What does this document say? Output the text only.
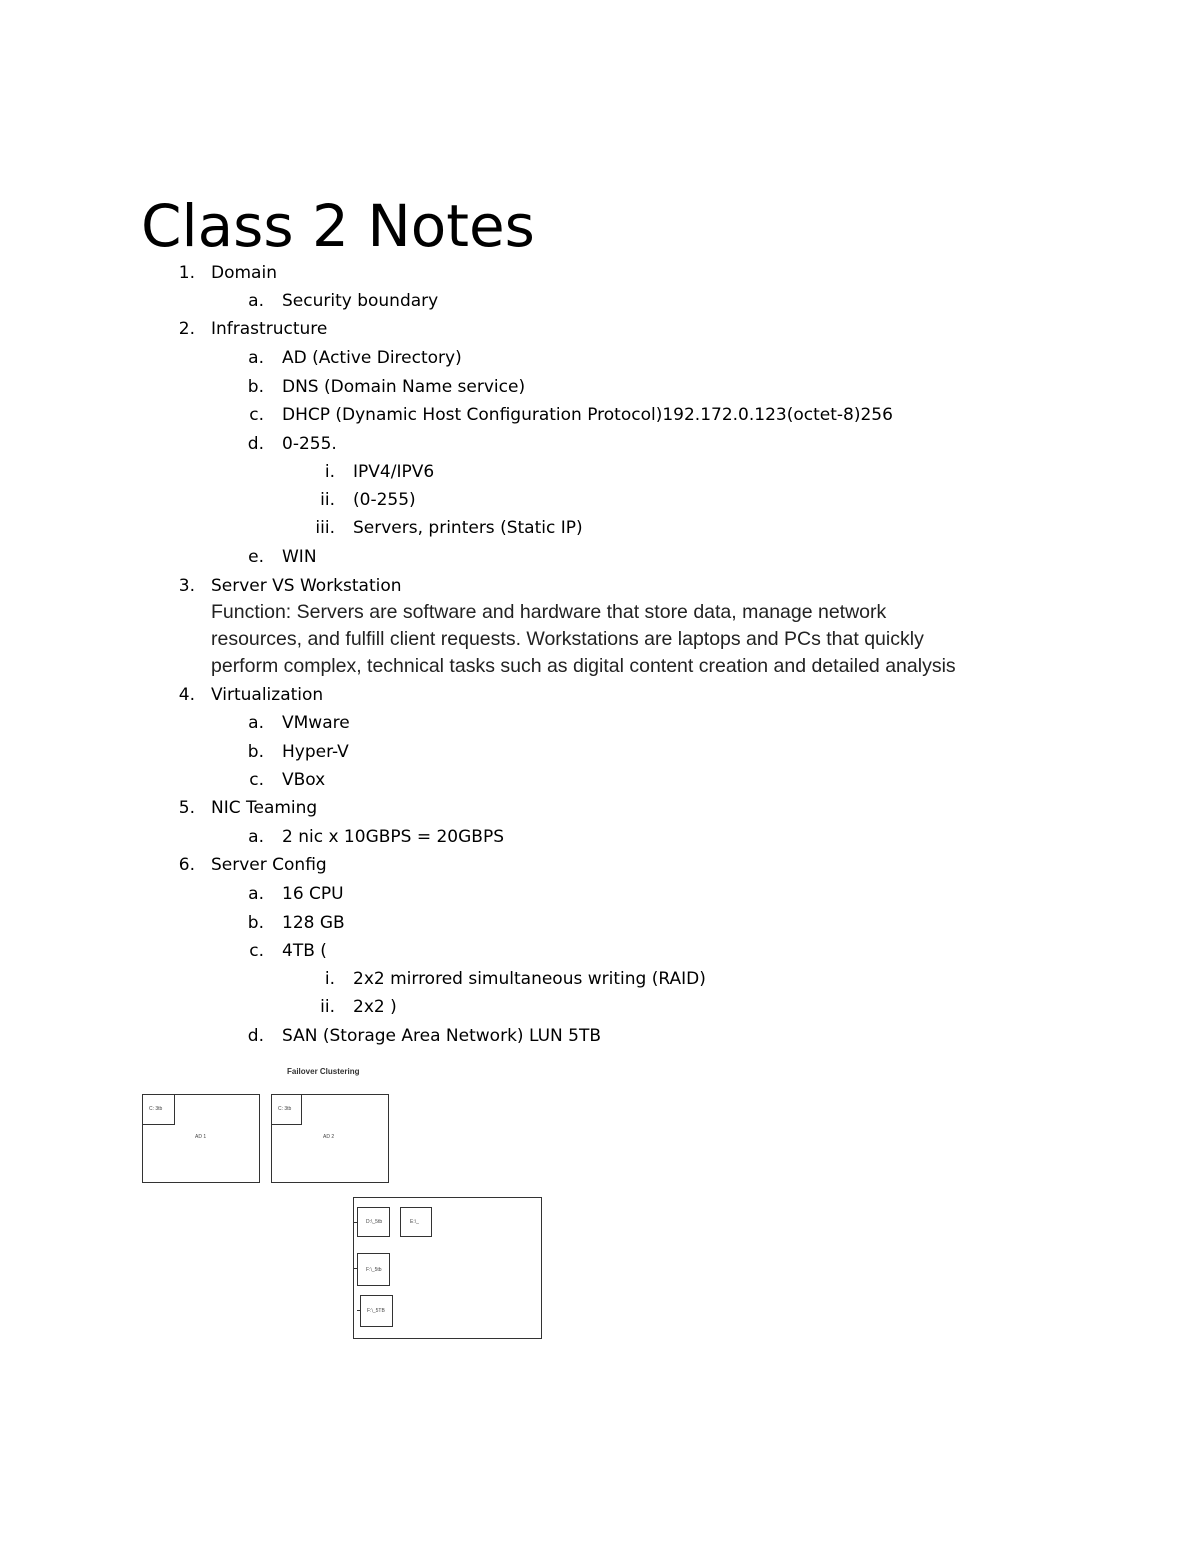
Class 2 Notes
1. Domain
a. Security boundary
2. Infrastructure
a. AD (Active Directory)
b. DNS (Domain Name service)
c. DHCP (Dynamic Host Configuration Protocol)192.172.0.123(octet-8)256
d. 0-255.
i. IPV4/IPV6
ii. (0-255)
iii. Servers, printers (Static IP)
e. WIN
3. Server VS Workstation
Function: Servers are software and hardware that store data, manage network
resources, and fulfill client requests. Workstations are laptops and PCs that quickly
perform complex, technical tasks such as digital content creation and detailed analysis
4. Virtualization
a. VMware
b. Hyper-V
c. VBox
5. NIC Teaming
a. 2 nic x 10GBPS = 20GBPS
6. Server Config
a. 16 CPU
b. 128 GB
c. 4TB (
i. 2x2 mirrored simultaneous writing (RAID)
ii. 2x2 )
d. SAN (Storage Area Network) LUN 5TB
Failover Clustering
C: 3tb
AD 1
C: 3tb
AD 2
D:\_5tb	E:\_
F:\_5tb
F:\_5TB
